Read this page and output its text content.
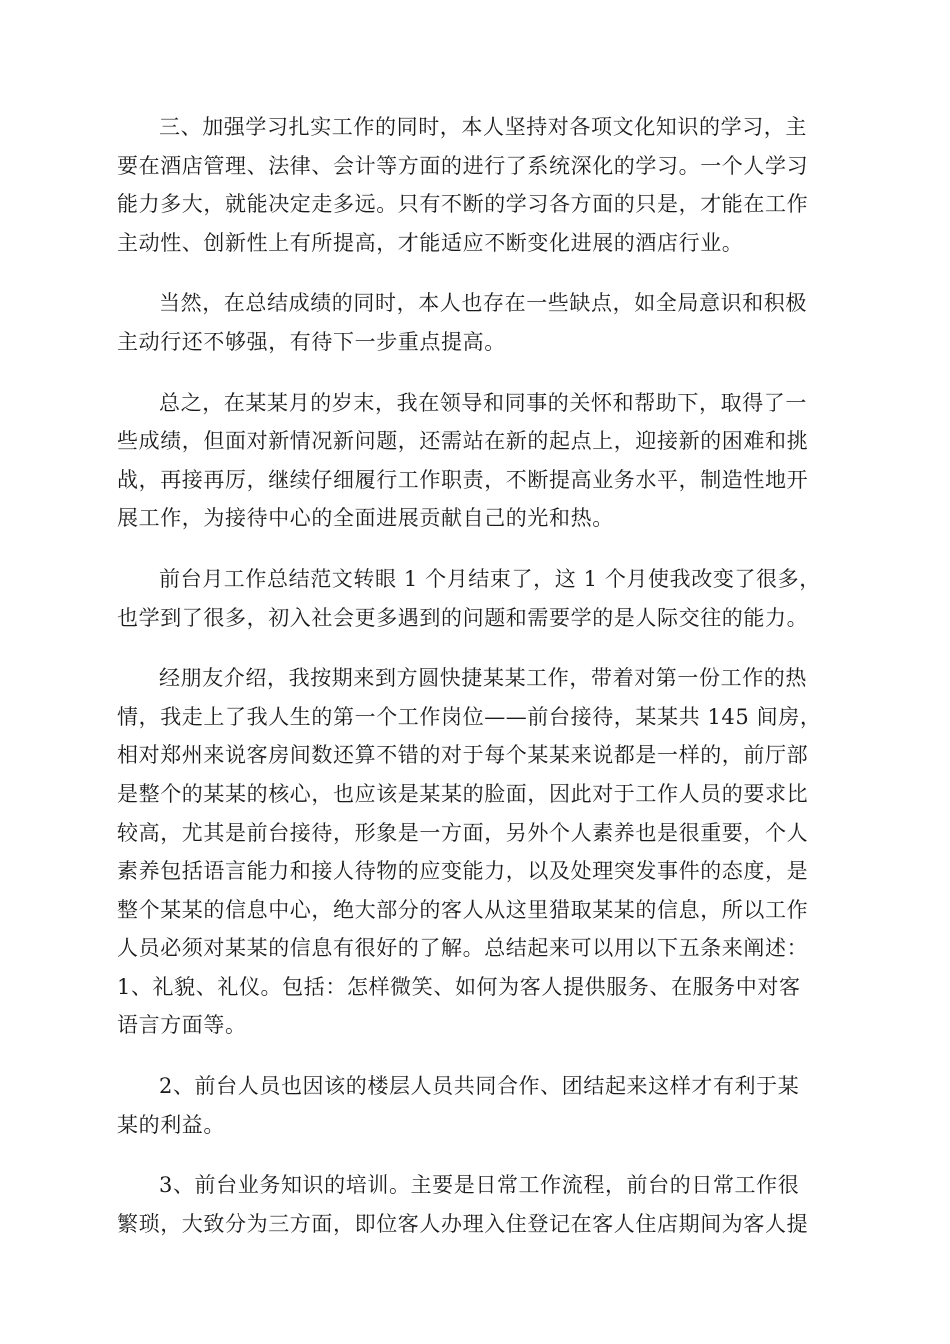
三、加强学习扎实工作的同时，本人坚持对各项文化知识的学习，主
要在酒店管理、法律、会计等方面的进行了系统深化的学习。一个人学习
能力多大，就能决定走多远。只有不断的学习各方面的只是，才能在工作
主动性、创新性上有所提高，才能适应不断变化进展的酒店行业。
当然，在总结成绩的同时，本人也存在一些缺点，如全局意识和积极
主动行还不够强，有待下一步重点提高。
总之，在某某月的岁末，我在领导和同事的关怀和帮助下，取得了一
些成绩，但面对新情况新问题，还需站在新的起点上，迎接新的困难和挑
战，再接再厉，继续仔细履行工作职责，不断提高业务水平，制造性地开
展工作，为接待中心的全面进展贡献自己的光和热。
前台月工作总结范文转眼 1 个月结束了，这 1 个月使我改变了很多，
也学到了很多，初入社会更多遇到的问题和需要学的是人际交往的能力。
经朋友介绍，我按期来到方圆快捷某某工作，带着对第一份工作的热
情，我走上了我人生的第一个工作岗位——前台接待，某某共 145 间房，
相对郑州来说客房间数还算不错的对于每个某某来说都是一样的，前厅部
是整个的某某的核心，也应该是某某的脸面，因此对于工作人员的要求比
较高，尤其是前台接待，形象是一方面，另外个人素养也是很重要，个人
素养包括语言能力和接人待物的应变能力，以及处理突发事件的态度，是
整个某某的信息中心，绝大部分的客人从这里猎取某某的信息，所以工作
人员必须对某某的信息有很好的了解。总结起来可以用以下五条来阐述：
1、礼貌、礼仪。包括：怎样微笑、如何为客人提供服务、在服务中对客
语言方面等。
2、前台人员也因该的楼层人员共同合作、团结起来这样才有利于某
某的利益。
3、前台业务知识的培训。主要是日常工作流程，前台的日常工作很
繁琐，大致分为三方面，即位客人办理入住登记在客人住店期间为客人提
